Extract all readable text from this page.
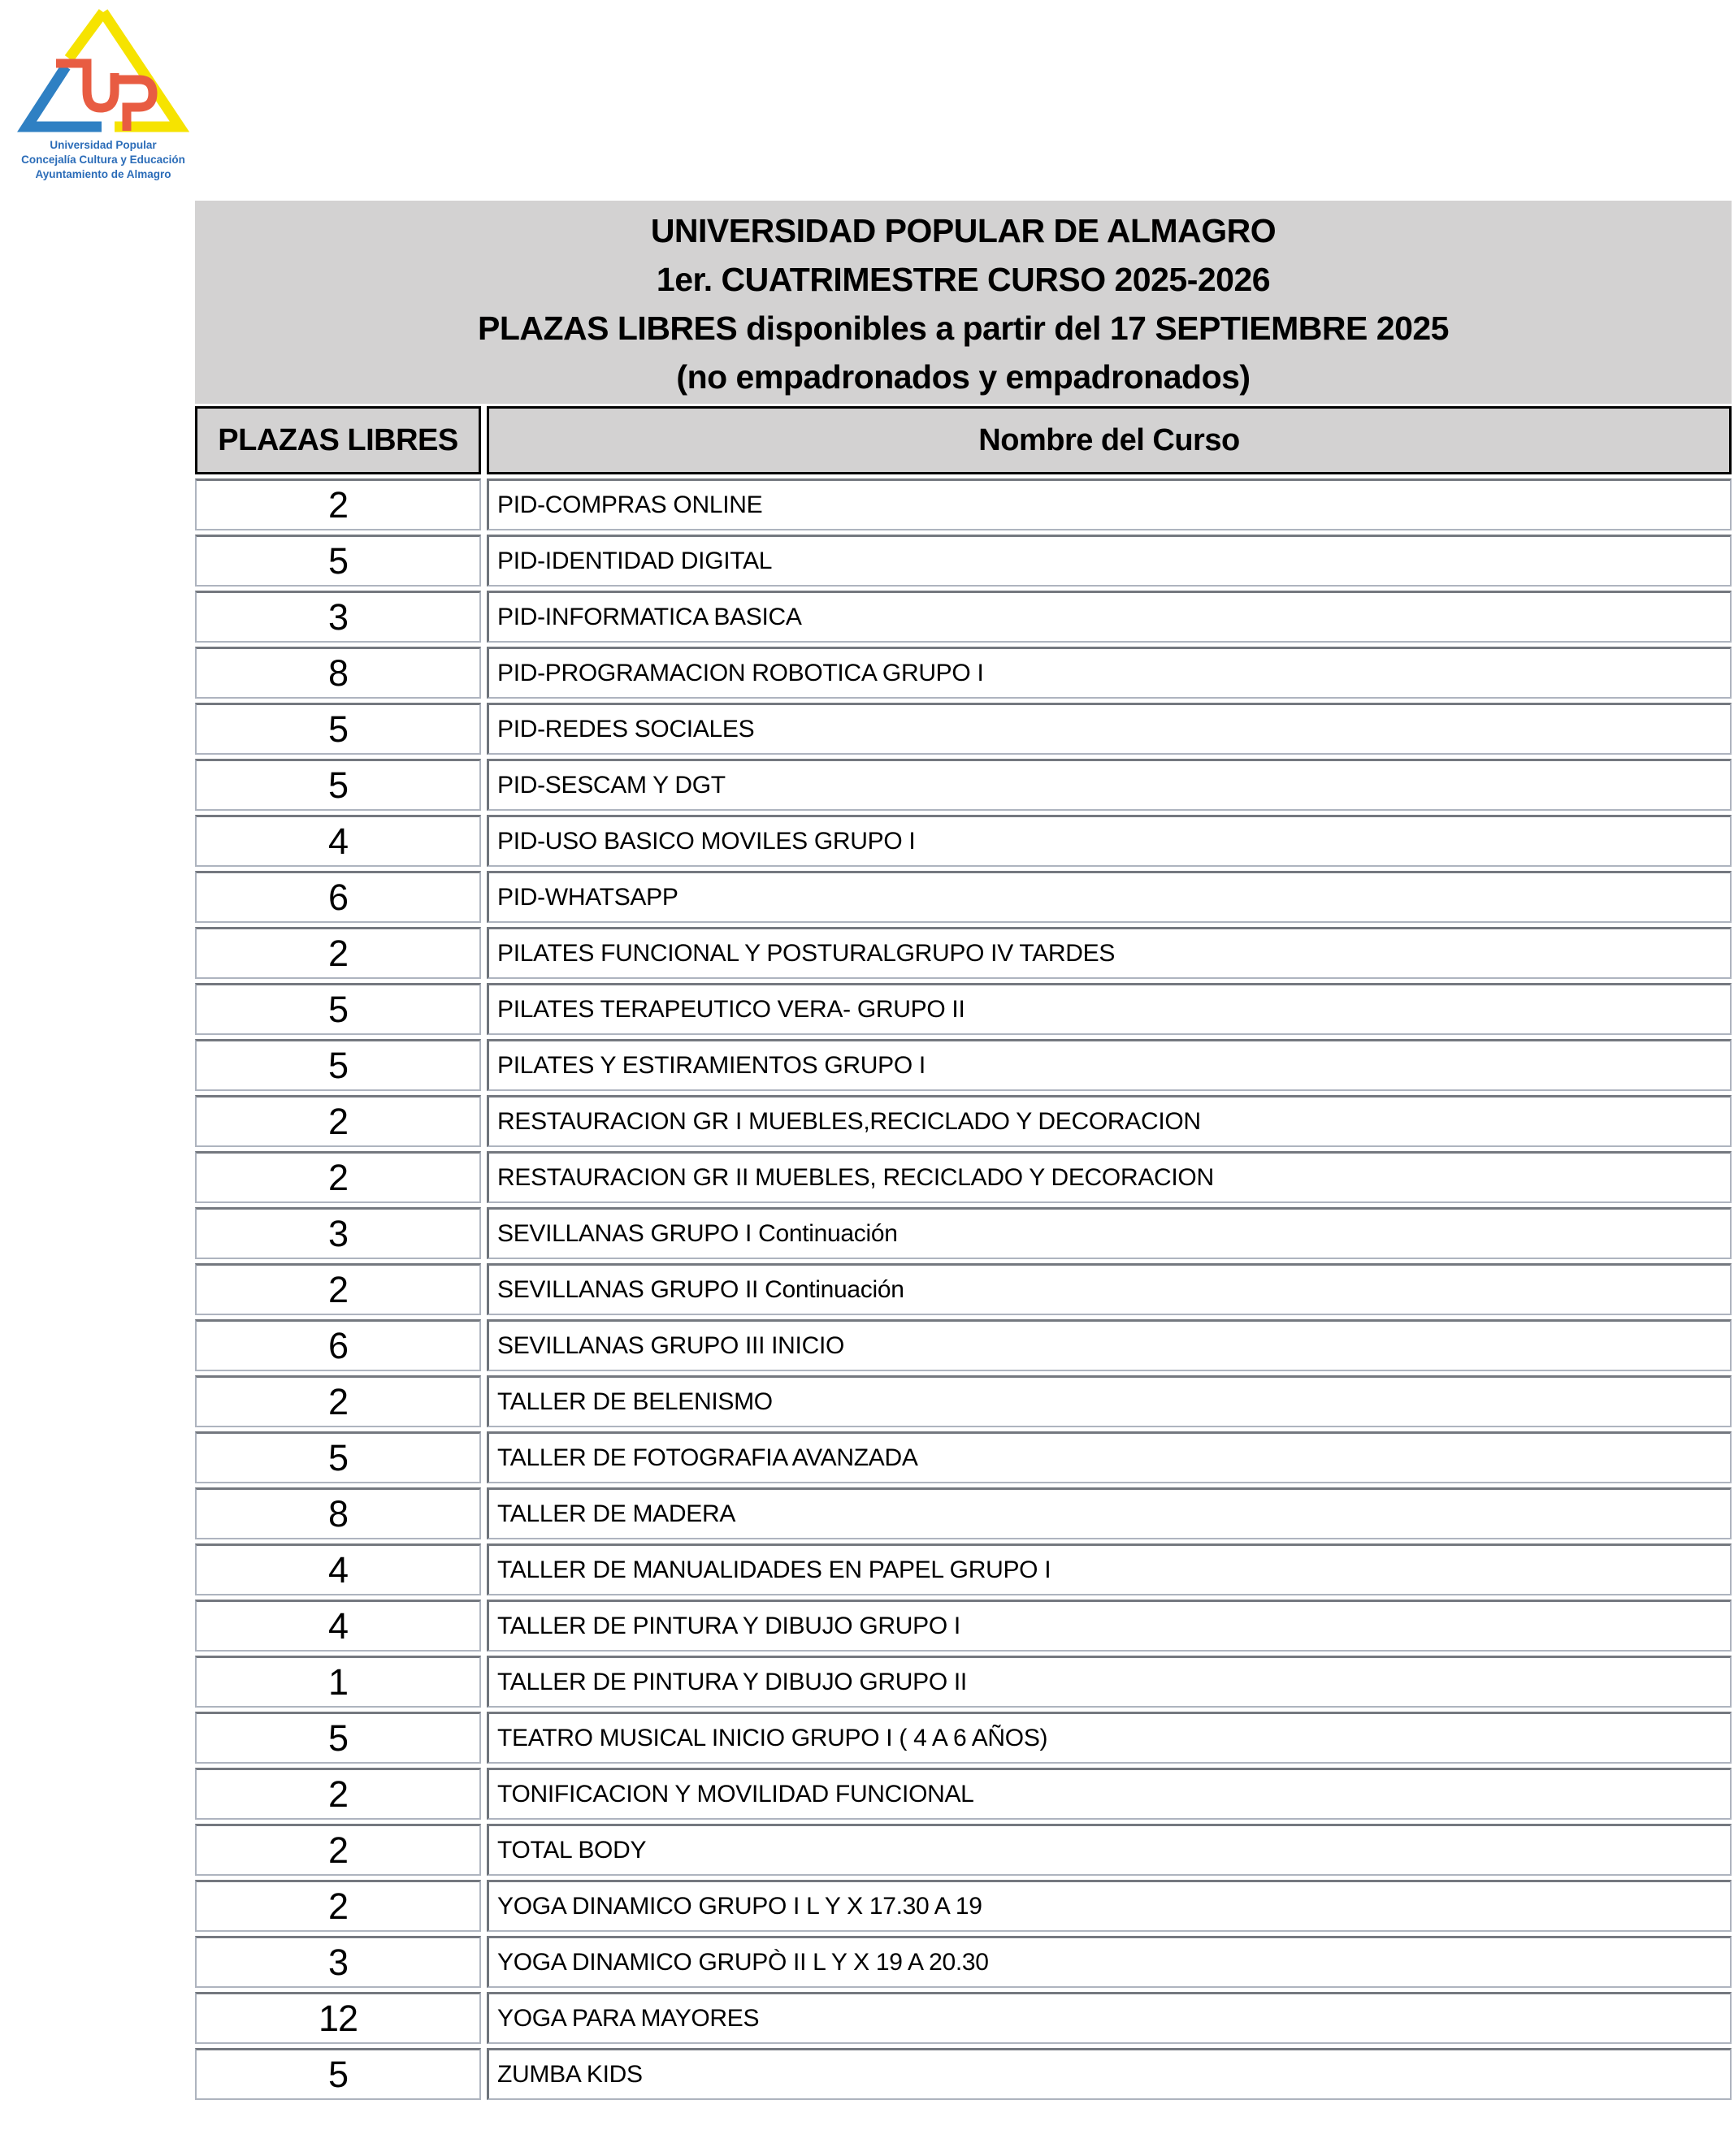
Universidad Popular
Concejalía Cultura y Educación
Ayuntamiento de Almagro
UNIVERSIDAD POPULAR DE ALMAGRO
1er. CUATRIMESTRE CURSO 2025-2026
PLAZAS LIBRES disponibles a partir del 17 SEPTIEMBRE 2025
(no empadronados y empadronados)
PLAZAS LIBRES	Nombre del Curso
2	PID-COMPRAS ONLINE
5	PID-IDENTIDAD DIGITAL
3	PID-INFORMATICA BASICA
8	PID-PROGRAMACION ROBOTICA GRUPO I
5	PID-REDES SOCIALES
5	PID-SESCAM Y DGT
4	PID-USO BASICO MOVILES GRUPO I
6	PID-WHATSAPP
2	PILATES FUNCIONAL Y POSTURALGRUPO IV TARDES
5	PILATES TERAPEUTICO VERA- GRUPO II
5	PILATES Y ESTIRAMIENTOS GRUPO I
2	RESTAURACION GR I MUEBLES,RECICLADO Y DECORACION
2	RESTAURACION GR II MUEBLES, RECICLADO Y DECORACION
3	SEVILLANAS GRUPO I Continuación
2	SEVILLANAS GRUPO II Continuación
6	SEVILLANAS GRUPO III INICIO
2	TALLER DE BELENISMO
5	TALLER DE FOTOGRAFIA AVANZADA
8	TALLER DE MADERA
4	TALLER DE MANUALIDADES EN PAPEL GRUPO I
4	TALLER DE PINTURA Y DIBUJO GRUPO I
1	TALLER DE PINTURA Y DIBUJO GRUPO II
5	TEATRO MUSICAL INICIO GRUPO I ( 4 A 6 AÑOS)
2	TONIFICACION Y MOVILIDAD FUNCIONAL
2	TOTAL BODY
2	YOGA DINAMICO GRUPO I L Y X 17.30 A 19
3	YOGA DINAMICO GRUPÒ II L Y X 19 A 20.30
12	YOGA PARA MAYORES
5	ZUMBA KIDS
